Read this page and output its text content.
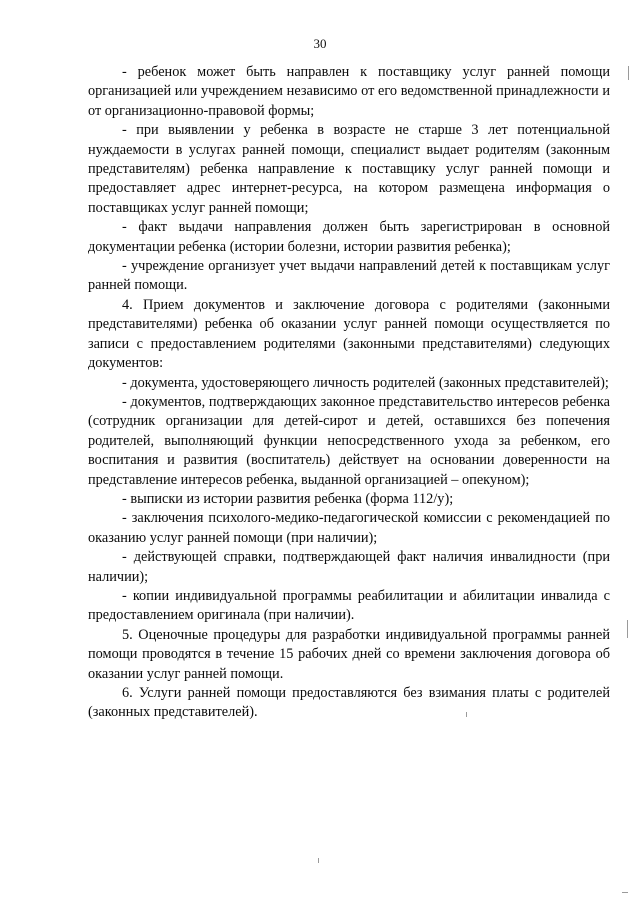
30

- ребенок может быть направлен к поставщику услуг ранней помощи организацией или учреждением независимо от его ведомственной принадлежности и от организационно-правовой формы;

- при выявлении у ребенка в возрасте не старше 3 лет потенциальной нуждаемости в услугах ранней помощи, специалист выдает родителям (законным представителям) ребенка направление к поставщику услуг ранней помощи и предоставляет адрес интернет-ресурса, на котором размещена информация о поставщиках услуг ранней помощи;

- факт выдачи направления должен быть зарегистрирован в основной документации ребенка (истории болезни, истории развития ребенка);

- учреждение организует учет выдачи направлений детей к поставщикам услуг ранней помощи.

4. Прием документов и заключение договора с родителями (законными представителями) ребенка об оказании услуг ранней помощи осуществляется по записи с предоставлением родителями (законными представителями) следующих документов:

- документа, удостоверяющего личность родителей (законных представителей);

- документов, подтверждающих законное представительство интересов ребенка (сотрудник организации для детей-сирот и детей, оставшихся без попечения родителей, выполняющий функции непосредственного ухода за ребенком, его воспитания и развития (воспитатель) действует на основании доверенности на представление интересов ребенка, выданной организацией – опекуном);

- выписки из истории развития ребенка (форма 112/у);

- заключения психолого-медико-педагогической комиссии с рекомендацией по оказанию услуг ранней помощи (при наличии);

- действующей справки, подтверждающей факт наличия инвалидности (при наличии);

- копии индивидуальной программы реабилитации и абилитации инвалида с предоставлением оригинала (при наличии).

5. Оценочные процедуры для разработки индивидуальной программы ранней помощи проводятся в течение 15 рабочих дней со времени заключения договора об оказании услуг ранней помощи.

6. Услуги ранней помощи предоставляются без взимания платы с родителей (законных представителей).
